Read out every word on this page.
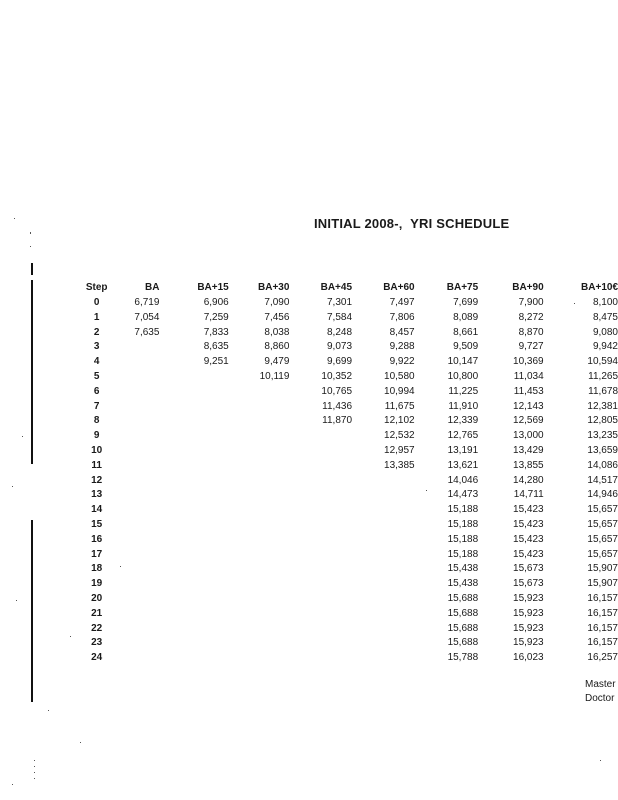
INITIAL 2008-‚  YRI SCHEDULE
Step	BA	BA+15	BA+30	BA+45	BA+60	BA+75	BA+90	BA+10€
0	6,719	6,906	7,090	7,301	7,497	7,699	7,900	8,100
1	7,054	7,259	7,456	7,584	7,806	8,089	8,272	8,475
2	7,635	7,833	8,038	8,248	8,457	8,661	8,870	9,080
3		8,635	8,860	9,073	9,288	9,509	9,727	9,942
4		9,251	9,479	9,699	9,922	10,147	10,369	10,594
5			10,119	10,352	10,580	10,800	11,034	11,265
6				10,765	10,994	11,225	11,453	11,678
7				11,436	11,675	11,910	12,143	12,381
8				11,870	12,102	12,339	12,569	12,805
9					12,532	12,765	13,000	13,235
10					12,957	13,191	13,429	13,659
11					13,385	13,621	13,855	14,086
12						14,046	14,280	14,517
13						14,473	14,711	14,946
14						15,188	15,423	15,657
15						15,188	15,423	15,657
16						15,188	15,423	15,657
17						15,188	15,423	15,657
18						15,438	15,673	15,907
19						15,438	15,673	15,907
20						15,688	15,923	16,157
21						15,688	15,923	16,157
22						15,688	15,923	16,157
23						15,688	15,923	16,157
24						15,788	16,023	16,257
Master
Doctor
